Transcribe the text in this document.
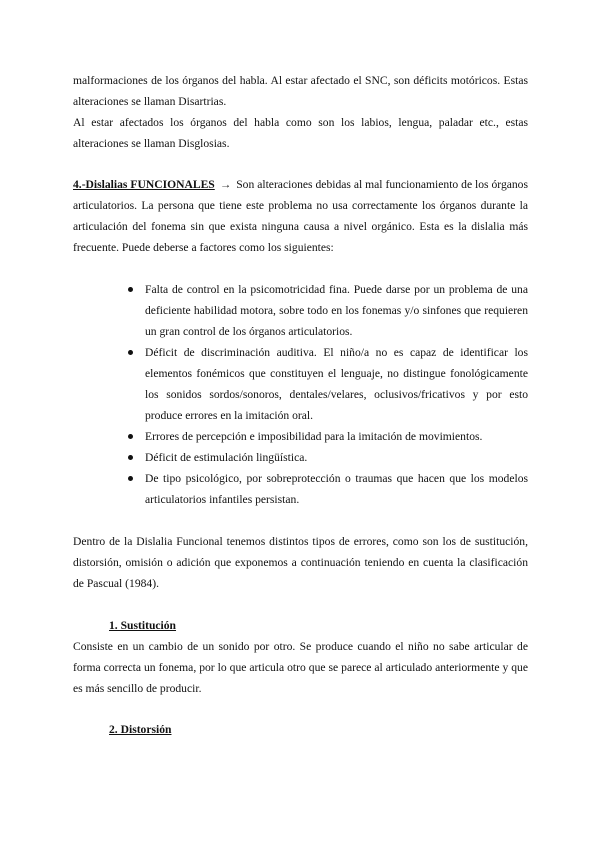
malformaciones de los órganos del habla. Al estar afectado el SNC, son déficits motóricos. Estas alteraciones se llaman Disartrias.

Al estar afectados los órganos del habla como son los labios, lengua, paladar etc., estas alteraciones se llaman Disglosias.

4.-Dislalias FUNCIONALES → Son alteraciones debidas al mal funcionamiento de los órganos articulatorios. La persona que tiene este problema no usa correctamente los órganos durante la articulación del fonema sin que exista ninguna causa a nivel orgánico. Esta es la dislalia más frecuente. Puede deberse a factores como los siguientes:

Falta de control en la psicomotricidad fina. Puede darse por un problema de una deficiente habilidad motora, sobre todo en los fonemas y/o sinfones que requieren un gran control de los órganos articulatorios.
Déficit de discriminación auditiva. El niño/a no es capaz de identificar los elementos fonémicos que constituyen el lenguaje, no distingue fonológicamente los sonidos sordos/sonoros, dentales/velares, oclusivos/fricativos y por esto produce errores en la imitación oral.
Errores de percepción e imposibilidad para la imitación de movimientos.
Déficit de estimulación lingüística.
De tipo psicológico, por sobreprotección o traumas que hacen que los modelos articulatorios infantiles persistan.

Dentro de la Dislalia Funcional tenemos distintos tipos de errores, como son los de sustitución, distorsión, omisión o adición que exponemos a continuación teniendo en cuenta la clasificación de Pascual (1984).

1. Sustitución

Consiste en un cambio de un sonido por otro. Se produce cuando el niño no sabe articular de forma correcta un fonema, por lo que articula otro que se parece al articulado anteriormente y que es más sencillo de producir.

2. Distorsión
